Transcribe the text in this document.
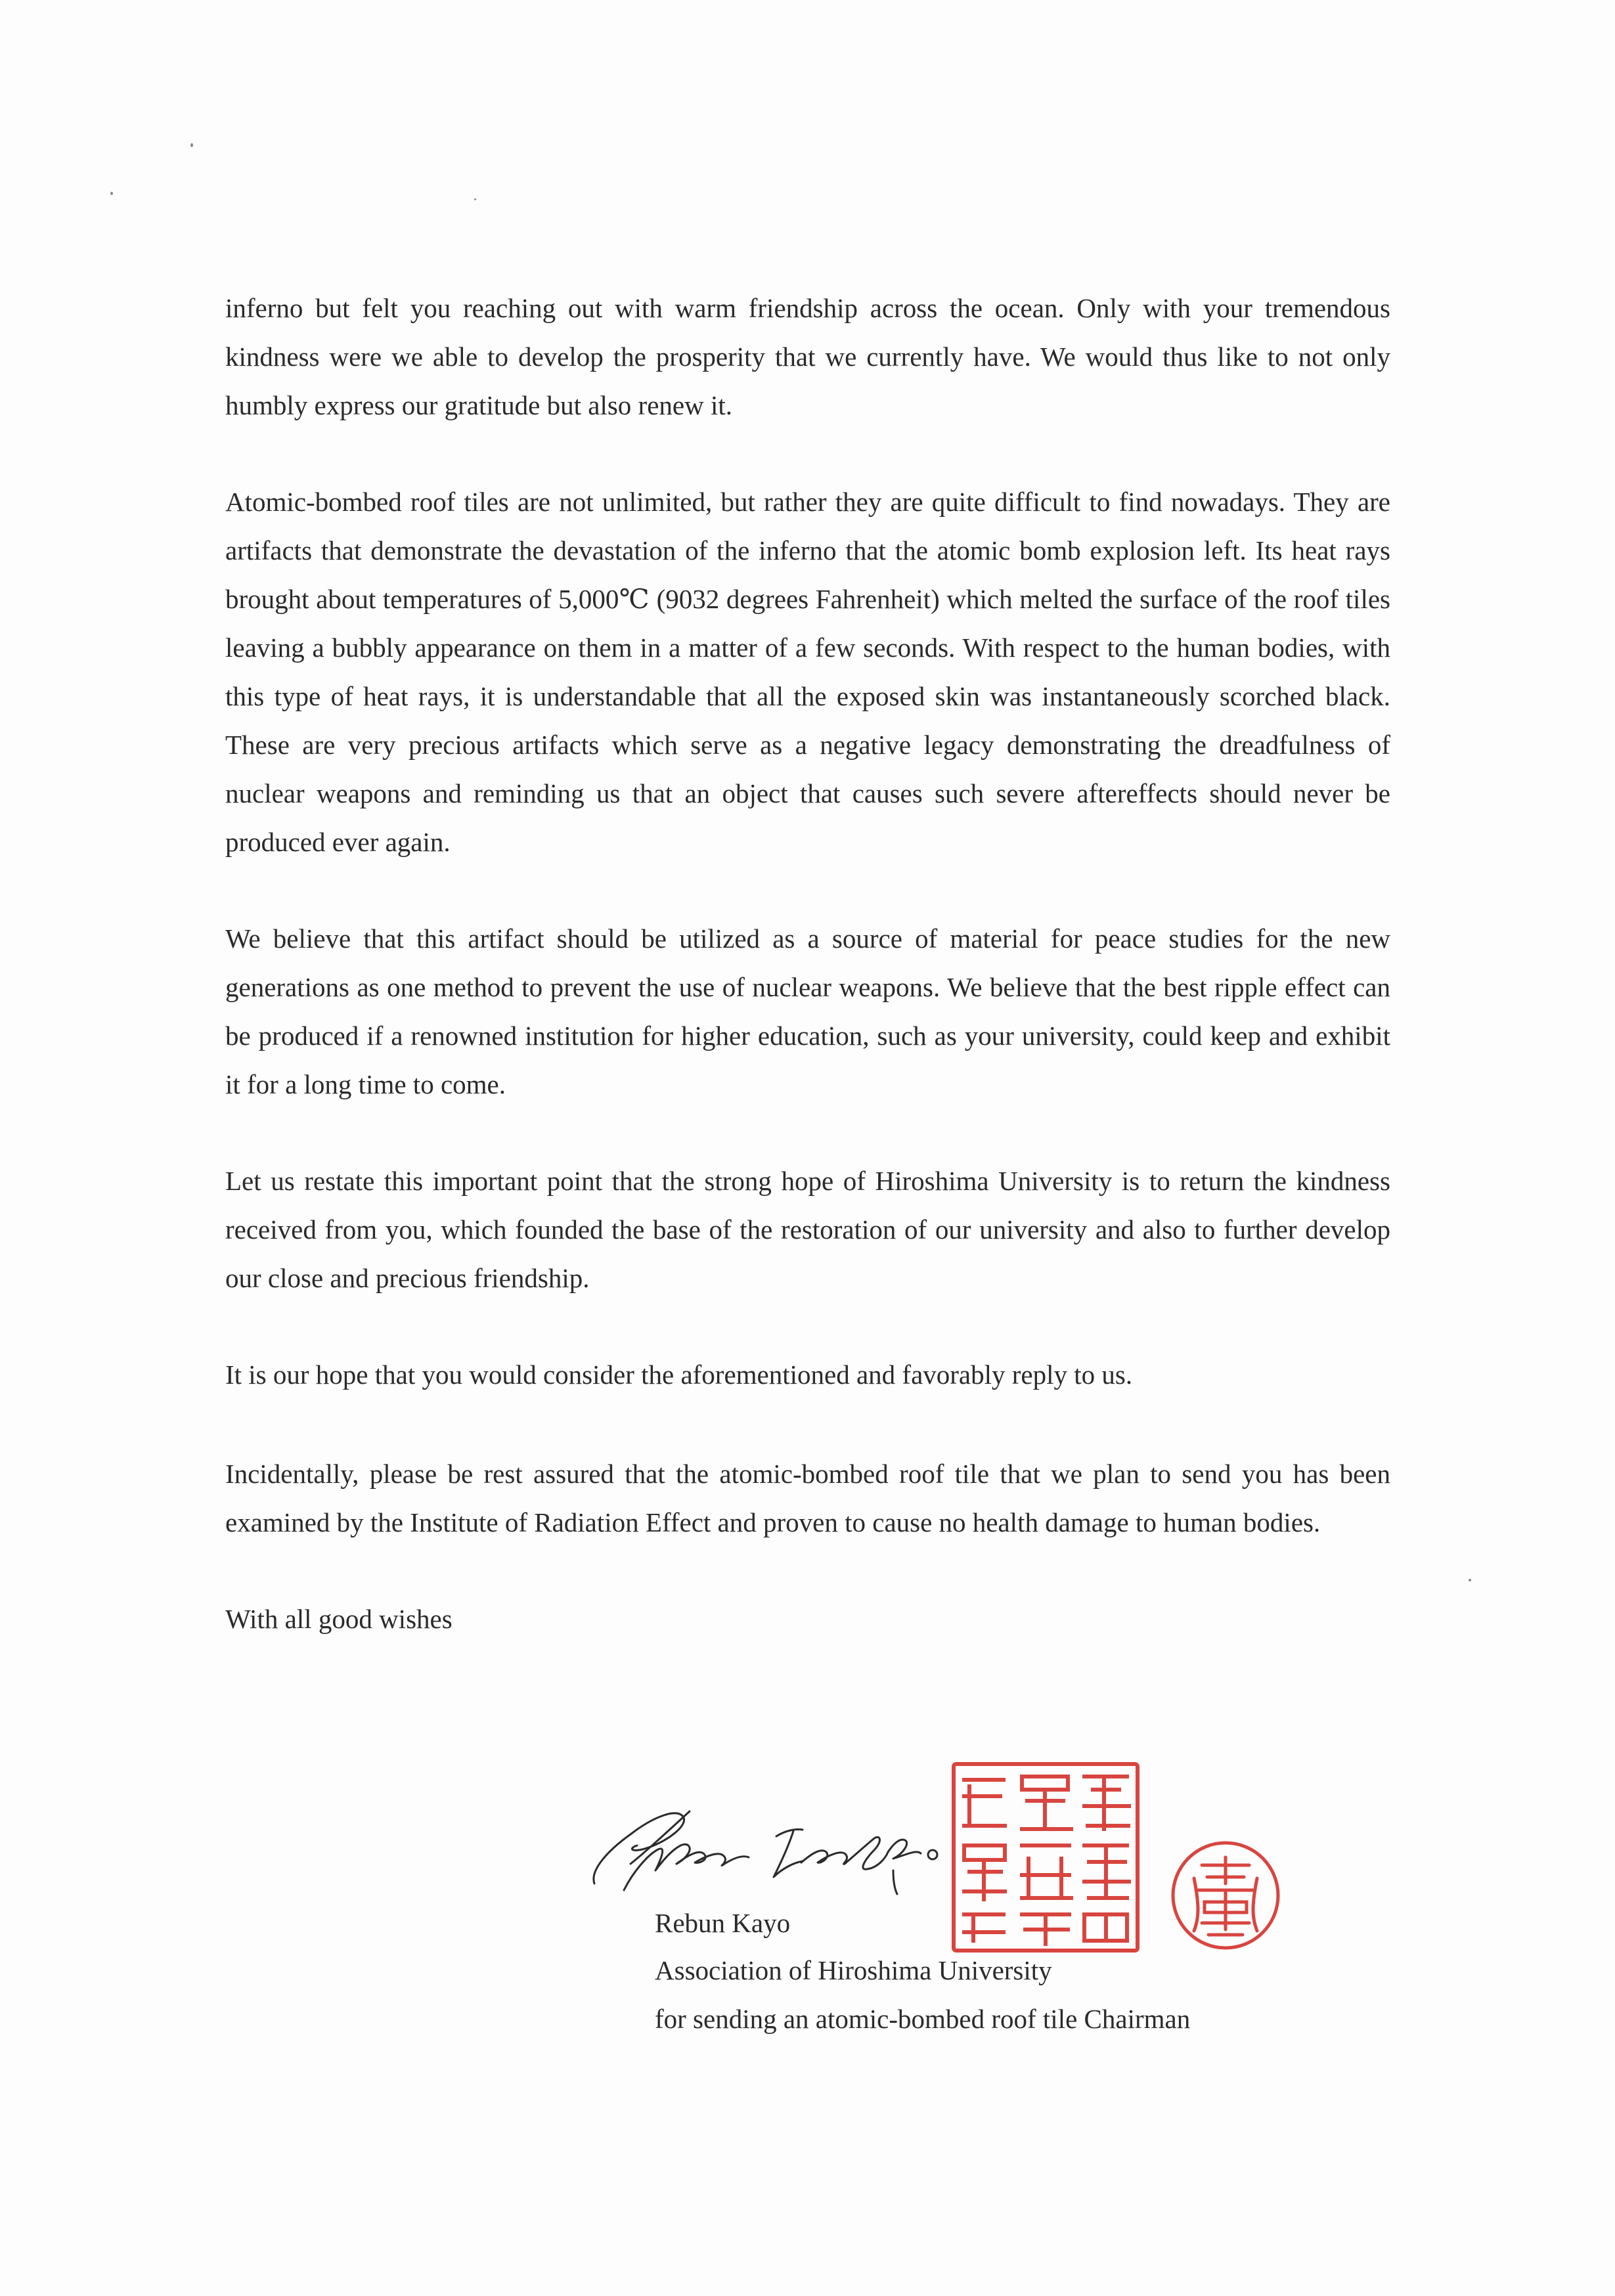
inferno but felt you reaching out with warm friendship across the ocean. Only with your tremendous kindness were we able to develop the prosperity that we currently have. We would thus like to not only humbly express our gratitude but also renew it.

Atomic-bombed roof tiles are not unlimited, but rather they are quite difficult to find nowadays. They are artifacts that demonstrate the devastation of the inferno that the atomic bomb explosion left. Its heat rays brought about temperatures of 5,000℃ (9032 degrees Fahrenheit) which melted the surface of the roof tiles leaving a bubbly appearance on them in a matter of a few seconds. With respect to the human bodies, with this type of heat rays, it is understandable that all the exposed skin was instantaneously scorched black. These are very precious artifacts which serve as a negative legacy demonstrating the dreadfulness of nuclear weapons and reminding us that an object that causes such severe aftereffects should never be produced ever again.

We believe that this artifact should be utilized as a source of material for peace studies for the new generations as one method to prevent the use of nuclear weapons. We believe that the best ripple effect can be produced if a renowned institution for higher education, such as your university, could keep and exhibit it for a long time to come.

Let us restate this important point that the strong hope of Hiroshima University is to return the kindness received from you, which founded the base of the restoration of our university and also to further develop our close and precious friendship.

It is our hope that you would consider the aforementioned and favorably reply to us.

Incidentally, please be rest assured that the atomic-bombed roof tile that we plan to send you has been examined by the Institute of Radiation Effect and proven to cause no health damage to human bodies.

With all good wishes

Rebun Kayo
Association of Hiroshima University
for sending an atomic-bombed roof tile Chairman
